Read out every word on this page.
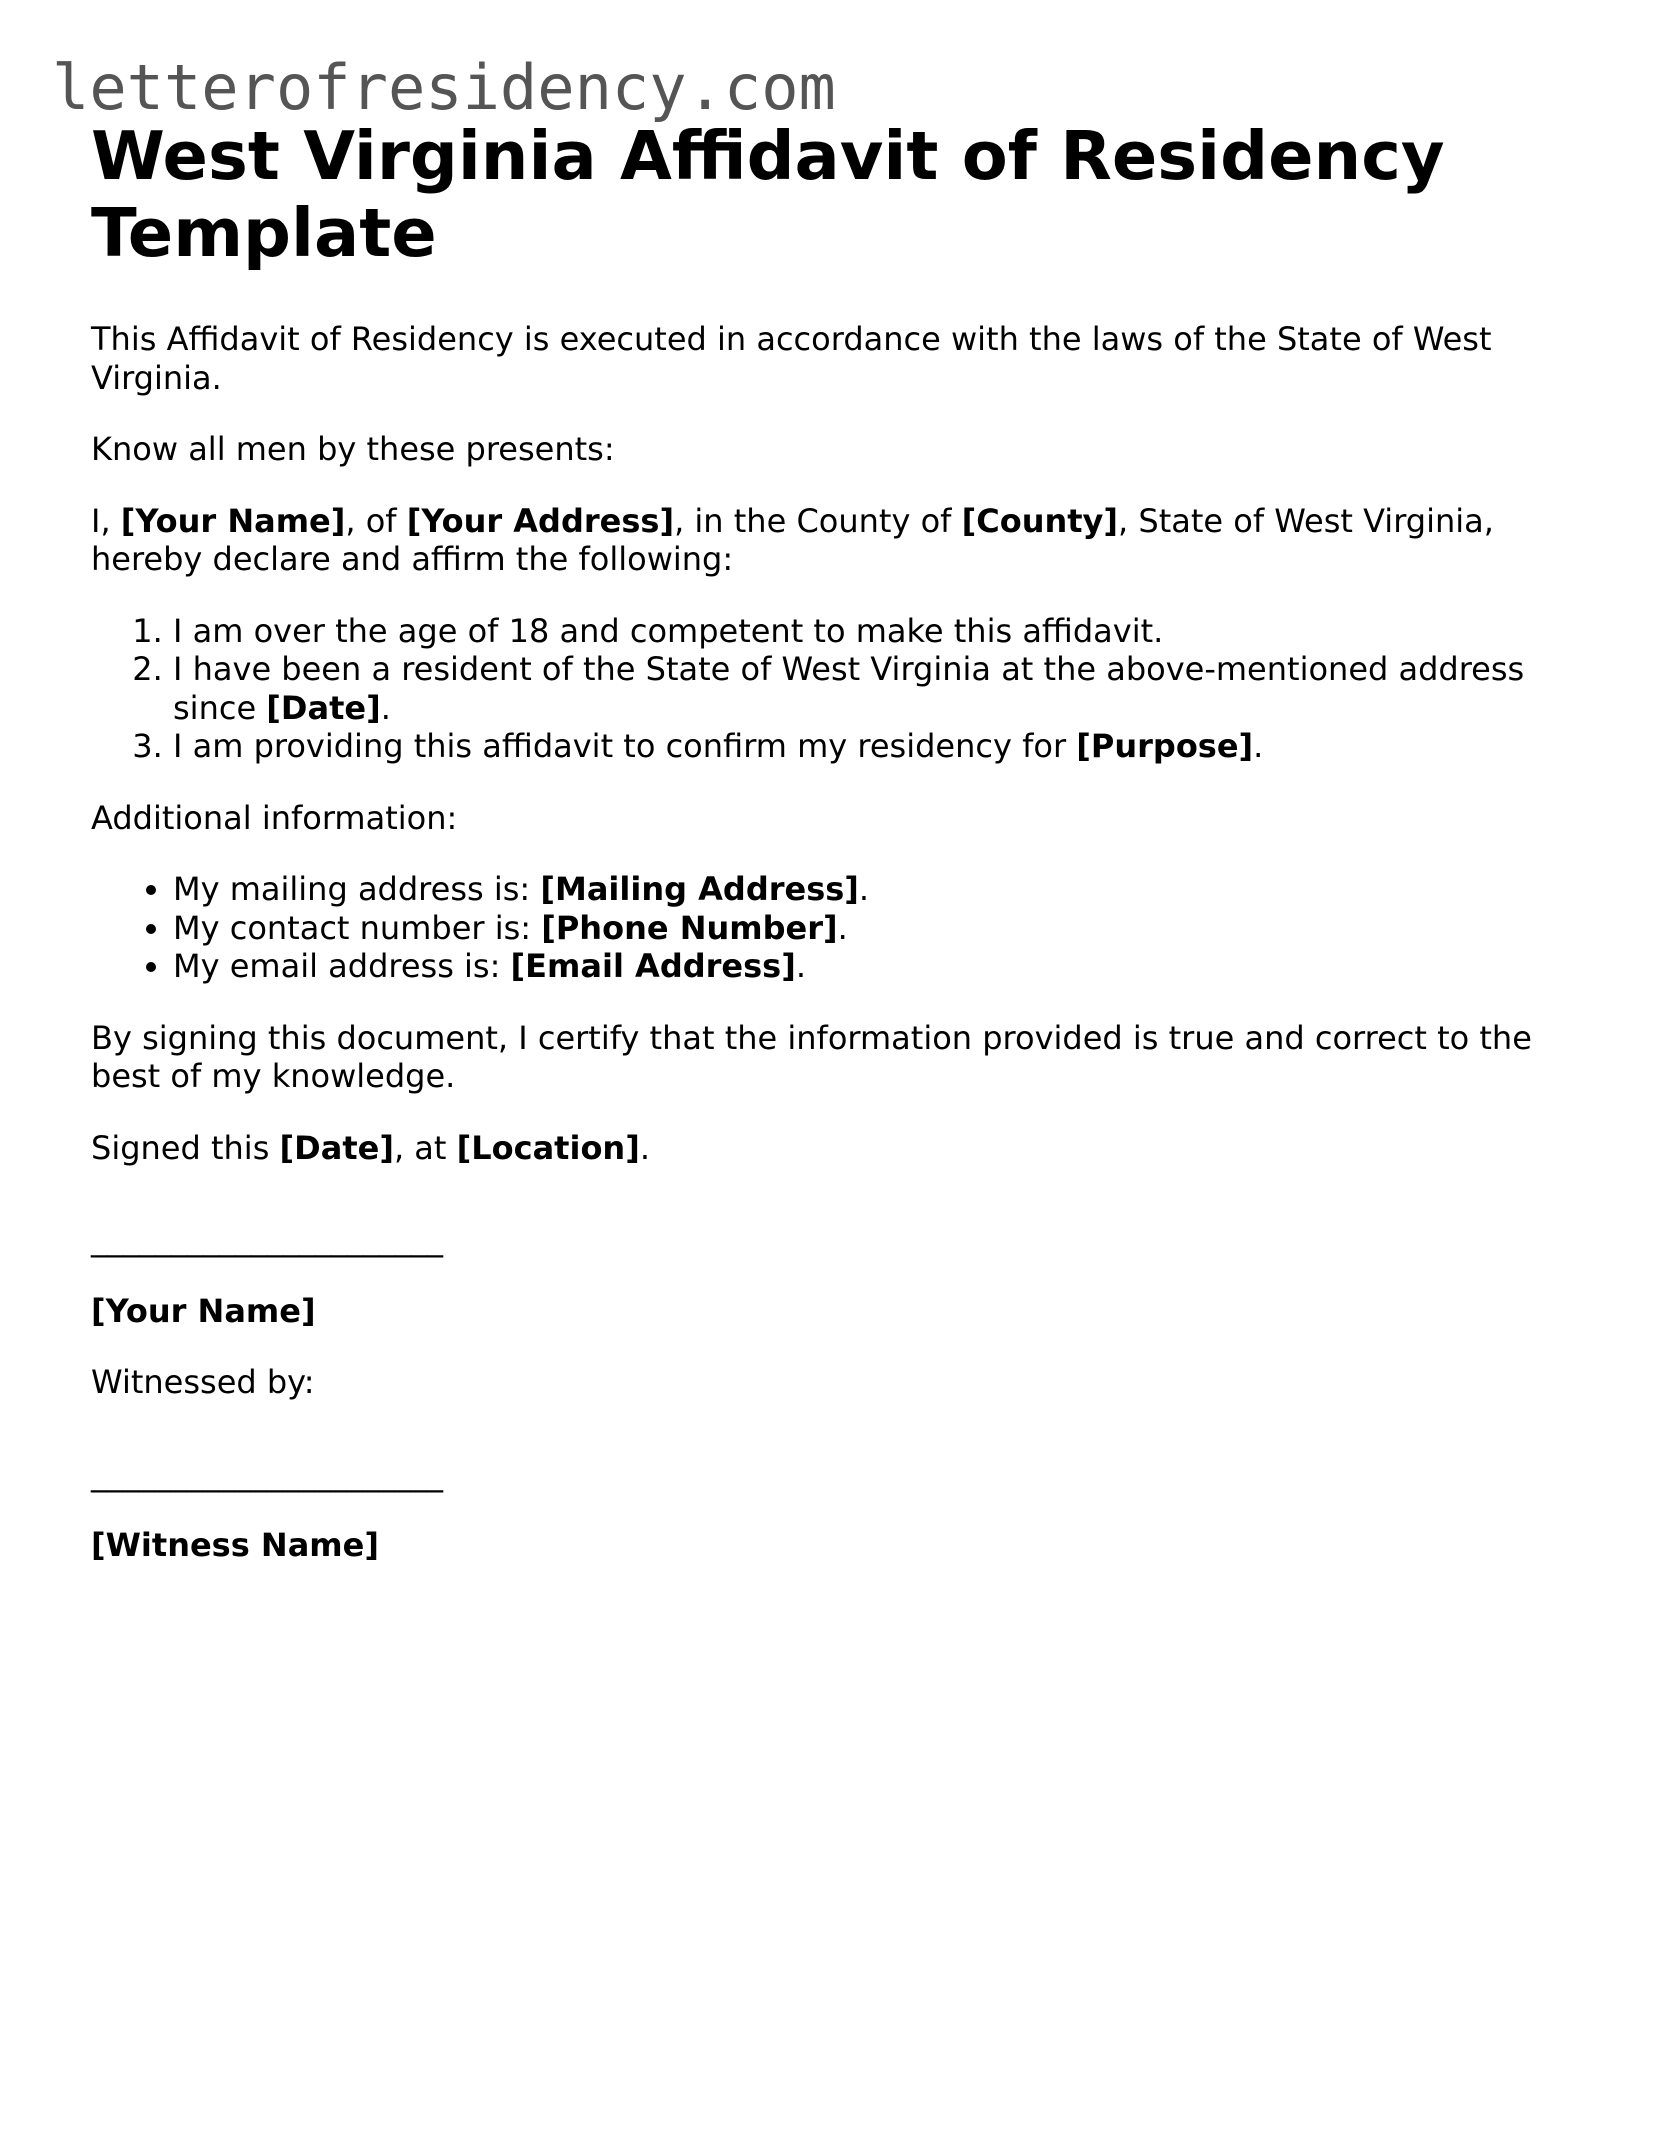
letterofresidency.com
West Virginia Affidavit of Residency Template

This Affidavit of Residency is executed in accordance with the laws of the State of West Virginia.

Know all men by these presents:

I, [Your Name], of [Your Address], in the County of [County], State of West Virginia, hereby declare and affirm the following:

1. I am over the age of 18 and competent to make this affidavit.
2. I have been a resident of the State of West Virginia at the above-mentioned address since [Date].
3. I am providing this affidavit to confirm my residency for [Purpose].

Additional information:

• My mailing address is: [Mailing Address].
• My contact number is: [Phone Number].
• My email address is: [Email Address].

By signing this document, I certify that the information provided is true and correct to the best of my knowledge.

Signed this [Date], at [Location].

______________________

[Your Name]

Witnessed by:

______________________

[Witness Name]
